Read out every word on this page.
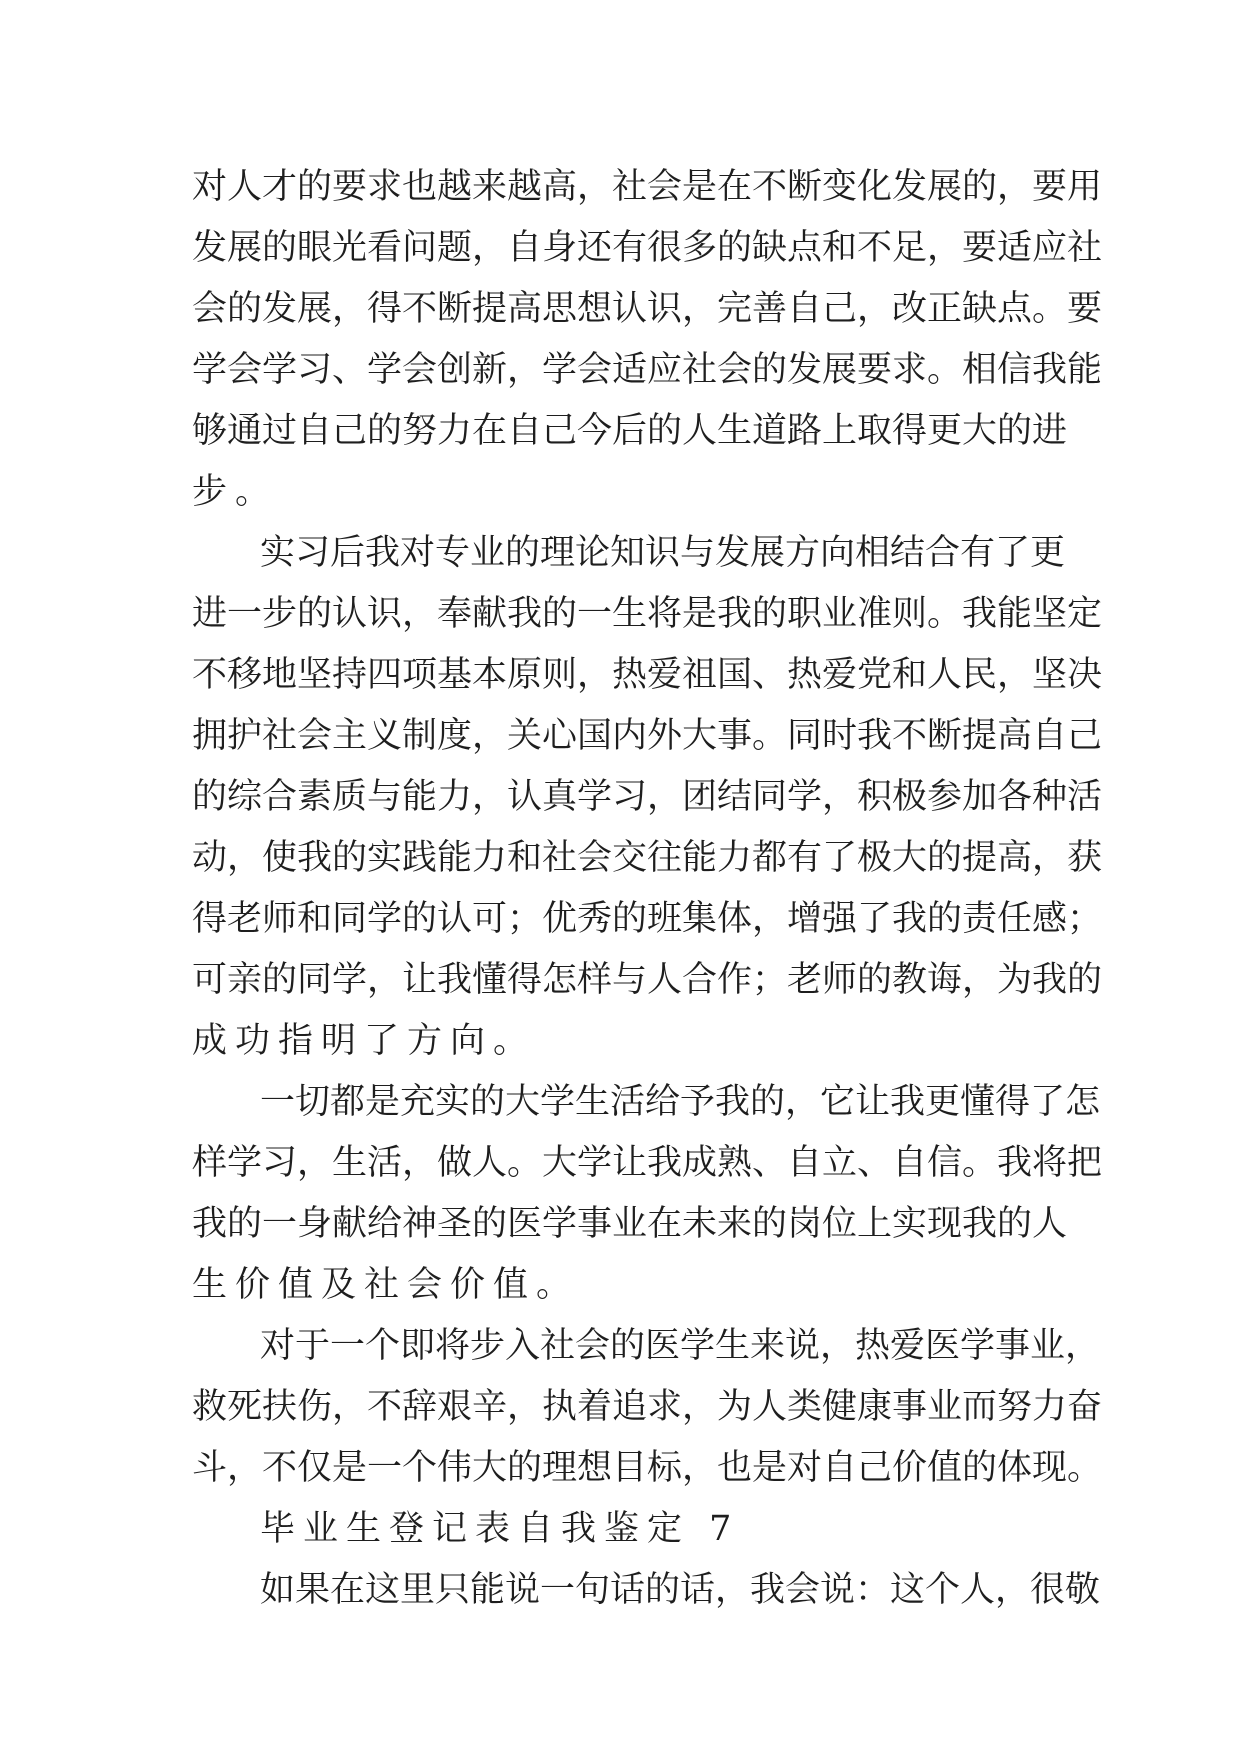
对人才的要求也越来越高，社会是在不断变化发展的，要用
发展的眼光看问题，自身还有很多的缺点和不足，要适应社
会的发展，得不断提高思想认识，完善自己，改正缺点。要
学会学习、学会创新，学会适应社会的发展要求。相信我能
够通过自己的努力在自己今后的人生道路上取得更大的进
步。
实习后我对专业的理论知识与发展方向相结合有了更
进一步的认识，奉献我的一生将是我的职业准则。我能坚定
不移地坚持四项基本原则，热爱祖国、热爱党和人民，坚决
拥护社会主义制度，关心国内外大事。同时我不断提高自己
的综合素质与能力，认真学习，团结同学，积极参加各种活
动，使我的实践能力和社会交往能力都有了极大的提高，获
得老师和同学的认可；优秀的班集体，增强了我的责任感；
可亲的同学，让我懂得怎样与人合作；老师的教诲，为我的
成功指明了方向。
一切都是充实的大学生活给予我的，它让我更懂得了怎
样学习，生活，做人。大学让我成熟、自立、自信。我将把
我的一身献给神圣的医学事业在未来的岗位上实现我的人
生价值及社会价值。
对于一个即将步入社会的医学生来说，热爱医学事业，
救死扶伤，不辞艰辛，执着追求，为人类健康事业而努力奋
斗，不仅是一个伟大的理想目标，也是对自己价值的体现。
毕业生登记表自我鉴定 7
如果在这里只能说一句话的话，我会说：这个人，很敬
